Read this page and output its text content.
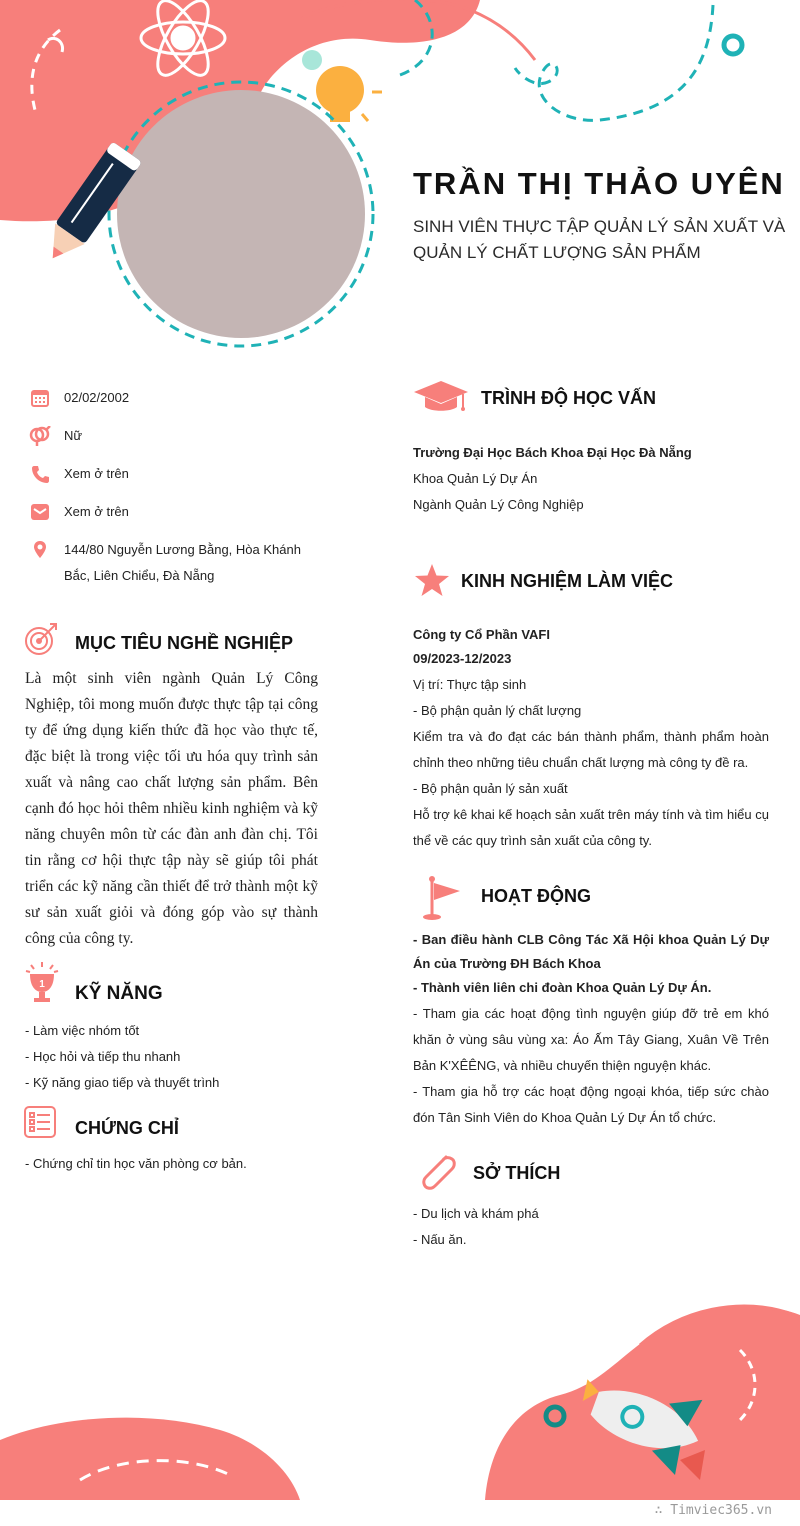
TRẦN THỊ THẢO UYÊN
SINH VIÊN THỰC TẬP QUẢN LÝ SẢN XUẤT VÀ QUẢN LÝ CHẤT LƯỢNG SẢN PHẨM
02/02/2002
Nữ
Xem ở trên
Xem ở trên
144/80 Nguyễn Lương Bằng, Hòa Khánh Bắc, Liên Chiểu, Đà Nẵng
MỤC TIÊU NGHỀ NGHIỆP
Là một sinh viên ngành Quản Lý Công Nghiệp, tôi mong muốn được thực tập tại công ty để ứng dụng kiến thức đã học vào thực tế, đặc biệt là trong việc tối ưu hóa quy trình sản xuất và nâng cao chất lượng sản phẩm. Bên cạnh đó học hỏi thêm nhiều kinh nghiệm và kỹ năng chuyên môn từ các đàn anh đàn chị. Tôi tin rằng cơ hội thực tập này sẽ giúp tôi phát triển các kỹ năng cần thiết để trở thành một kỹ sư sản xuất giỏi và đóng góp vào sự thành công của công ty.
1 KỸ NĂNG
- Làm việc nhóm tốt
- Học hỏi và tiếp thu nhanh
- Kỹ năng giao tiếp và thuyết trình
CHỨNG CHỈ
- Chứng chỉ tin học văn phòng cơ bản.
TRÌNH ĐỘ HỌC VẤN
Trường Đại Học Bách Khoa Đại Học Đà Nẵng
Khoa Quản Lý Dự Án
Ngành Quản Lý Công Nghiệp
KINH NGHIỆM LÀM VIỆC
Công ty Cổ Phần VAFI
09/2023-12/2023
Vị trí: Thực tập sinh
- Bộ phận quản lý chất lượng
Kiểm tra và đo đạt các bán thành phẩm, thành phẩm hoàn chỉnh theo những tiêu chuẩn chất lượng mà công ty đề ra.
- Bộ phận quản lý sản xuất
Hỗ trợ kê khai kế hoạch sản xuất trên máy tính và tìm hiểu cụ thể về các quy trình sản xuất của công ty.
HOẠT ĐỘNG
- Ban điều hành CLB Công Tác Xã Hội khoa Quản Lý Dự Án của Trường ĐH Bách Khoa
- Thành viên liên chi đoàn Khoa Quản Lý Dự Án.
- Tham gia các hoạt động tình nguyện giúp đỡ trẻ em khó khăn ở vùng sâu vùng xa: Áo Ấm Tây Giang, Xuân Về Trên Bản K'XÊÊNG, và nhiều chuyến thiện nguyện khác.
- Tham gia hỗ trợ các hoạt động ngoại khóa, tiếp sức chào đón Tân Sinh Viên do Khoa Quản Lý Dự Án tổ chức.
SỞ THÍCH
- Du lịch và khám phá
- Nấu ăn.
∴ Timviec365.vn
